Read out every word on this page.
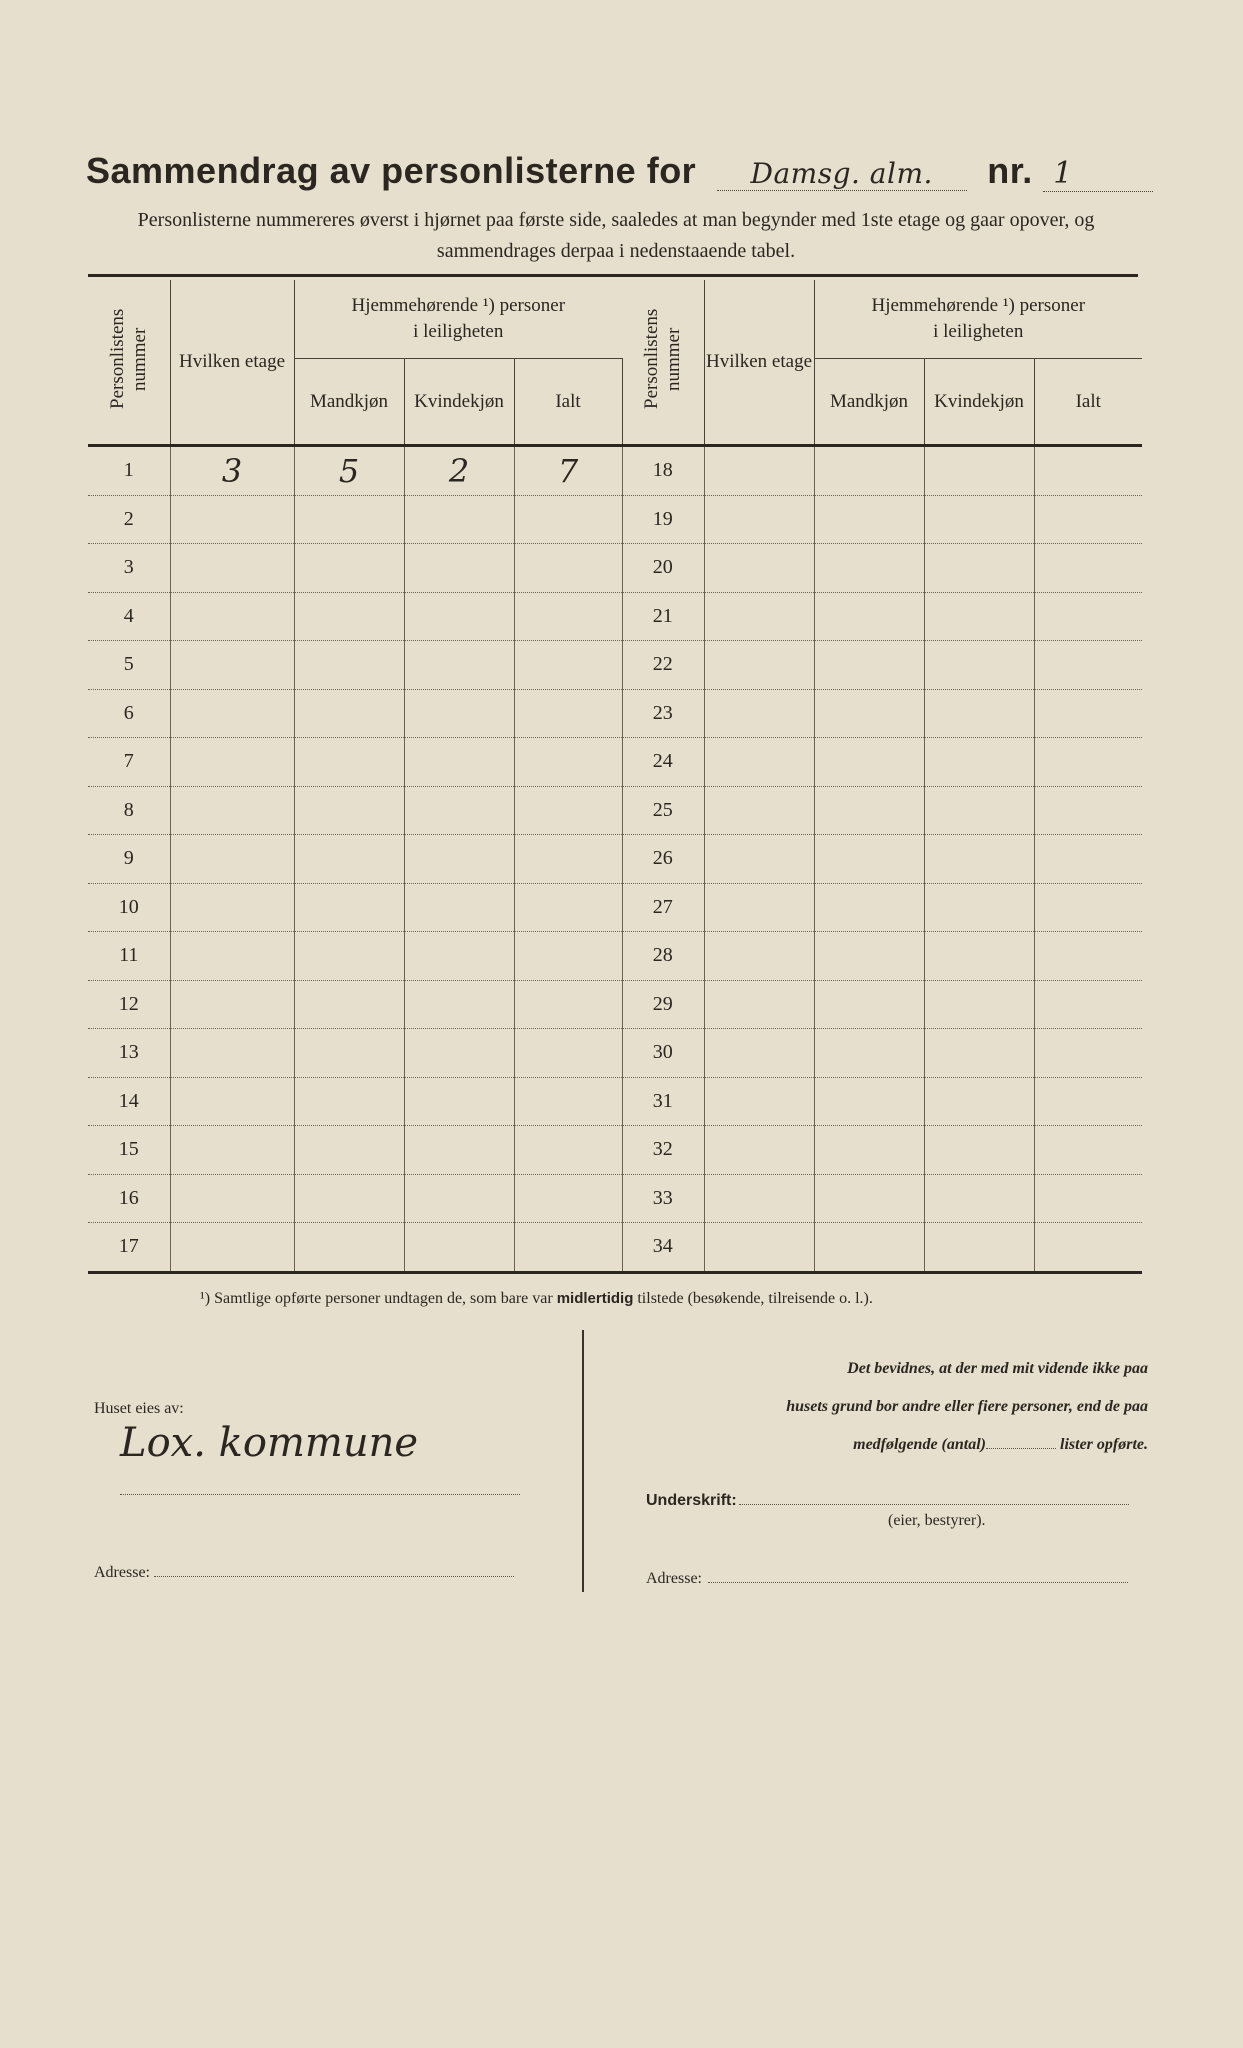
Sammendrag av personlisterne for Damsg. alm. nr. 1
Personlisterne nummereres øverst i hjørnet paa første side, saaledes at man begynder med 1ste etage og gaar opover, og sammendrages derpaa i nedenstaaende tabel.
Personlistens nummer	Hvilken etage	Hjemmehørende ¹) personer
i leiligheten		

		Mandkjøn	Kvindekjøn	Ialt
1	3	5	2	7
2				
3				
4				
5				
6				
7				
8				
9				
10				
11				
12				
13				
14				
15				
16				
17				
Personlistens nummer	Hvilken etage	Hjemmehørende ¹) personer
i leiligheten		

		Mandkjøn	Kvindekjøn	Ialt
18				
19				
20				
21				
22				
23				
24				
25				
26				
27				
28				
29				
30				
31				
32				
33				
34				
¹) Samtlige opførte personer undtagen de, som bare var midlertidig tilstede (besøkende, tilreisende o. l.).
Huset eies av:
Lox. kommune
Adresse:
Det bevidnes, at der med mit vidende ikke paa
husets grund bor andre eller fiere personer, end de paa
medfølgende (antal)	lister opførte.
Underskrift:
(eier, bestyrer).
Adresse:
